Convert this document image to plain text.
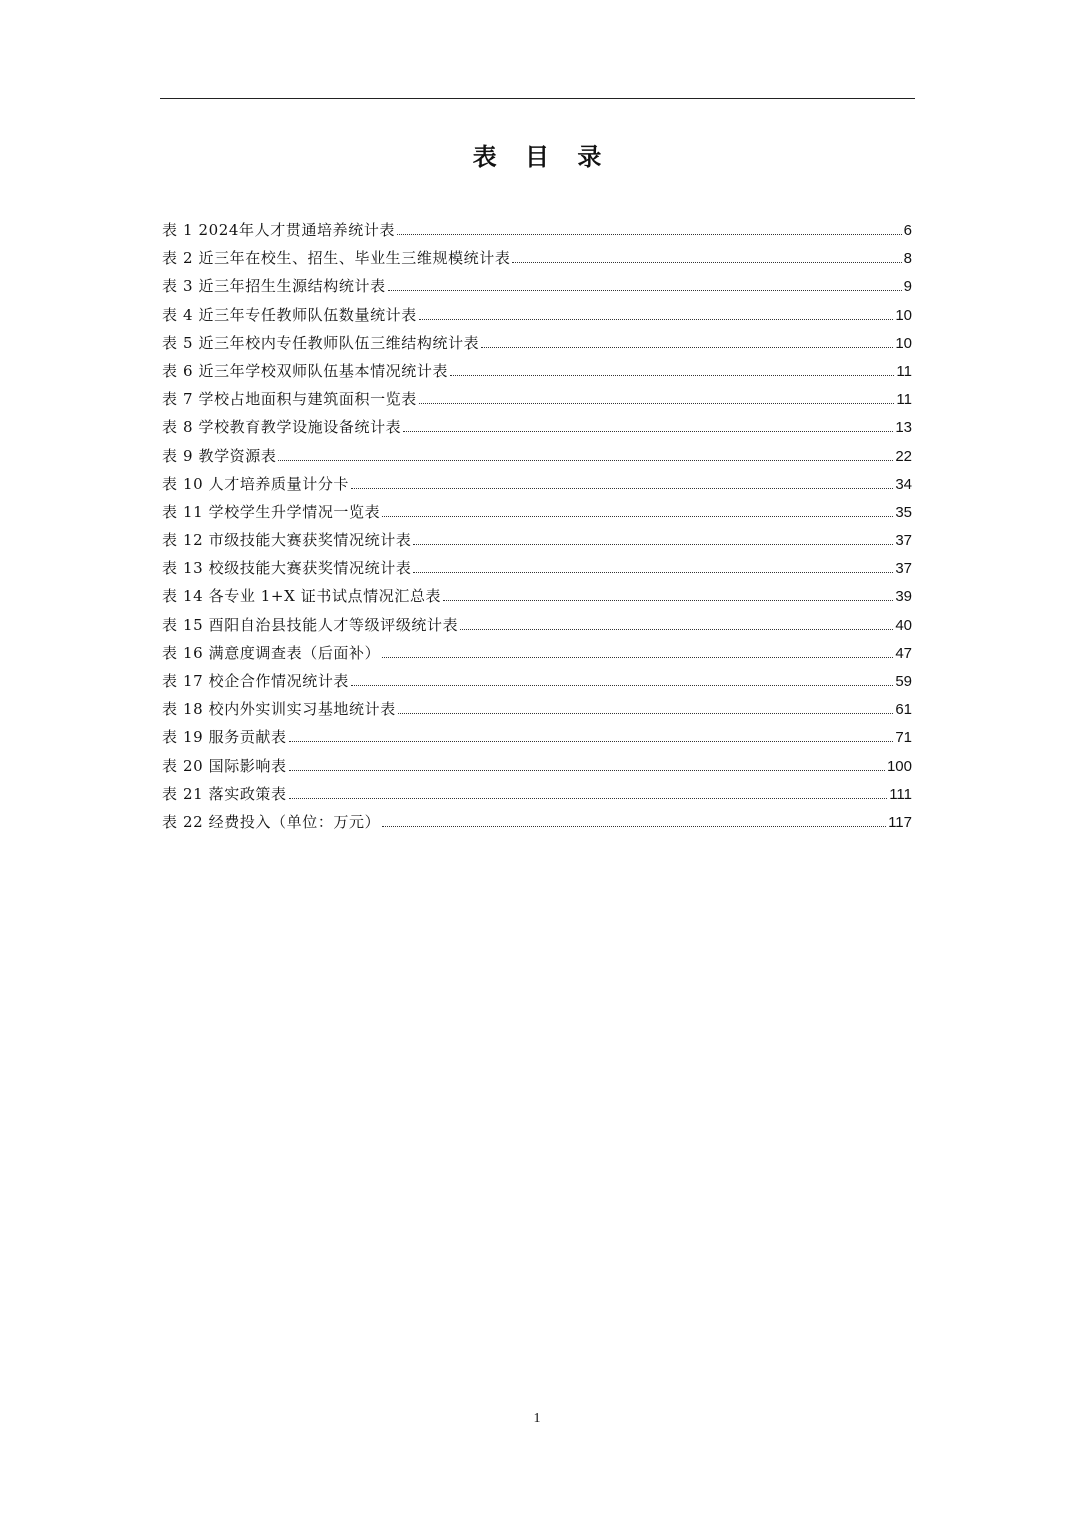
表 目 录
表 1 2024年人才贯通培养统计表	6
表 2 近三年在校生、招生、毕业生三维规模统计表	8
表 3 近三年招生生源结构统计表	9
表 4 近三年专任教师队伍数量统计表	10
表 5 近三年校内专任教师队伍三维结构统计表	10
表 6 近三年学校双师队伍基本情况统计表	11
表 7 学校占地面积与建筑面积一览表	11
表 8 学校教育教学设施设备统计表	13
表 9 教学资源表	22
表 10 人才培养质量计分卡	34
表 11 学校学生升学情况一览表	35
表 12 市级技能大赛获奖情况统计表	37
表 13 校级技能大赛获奖情况统计表	37
表 14 各专业 1+X 证书试点情况汇总表	39
表 15 酉阳自治县技能人才等级评级统计表	40
表 16 满意度调查表（后面补）	47
表 17 校企合作情况统计表	59
表 18 校内外实训实习基地统计表	61
表 19 服务贡献表	71
表 20 国际影响表	100
表 21 落实政策表	111
表 22 经费投入（单位：万元）	117
1
